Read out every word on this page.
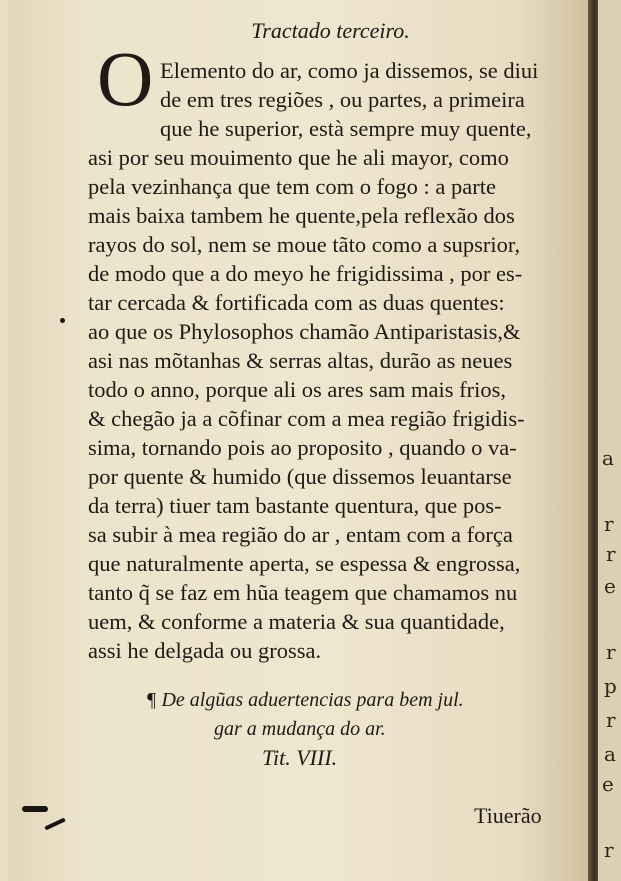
a
r
r
e
r
p
r
a
e
r
Tractado terceiro.
O Elemento do ar, como ja dissemos, se diui
de em tres regiões , ou partes, a primeira
que he superior, està sempre muy quente,
asi por seu mouimento que he ali mayor, como
pela vezinhança que tem com o fogo : a parte
mais baixa tambem he quente,pela reflexão dos
rayos do sol, nem se moue tãto como a supsrior,
de modo que a do meyo he frigidissima , por es-
tar cercada & fortificada com as duas quentes:
ao que os Phylosophos chamão Antiparistasis,&
asi nas mõtanhas & serras altas, durão as neues
todo o anno, porque ali os ares sam mais frios,
& chegão ja a cõfinar com a mea região frigidis-
sima, tornando pois ao proposito , quando o va-
por quente & humido (que dissemos leuantarse
da terra) tiuer tam bastante quentura, que pos-
sa subir à mea região do ar , entam com a força
que naturalmente aperta, se espessa & engrossa,
tanto q̃ se faz em hũa teagem que chamamos nu
uem, & conforme a materia & sua quantidade,
assi he delgada ou grossa.
¶ De algũas aduertencias para bem jul.
gar a mudança do ar.
Tit. VIII.
Tiuerão
